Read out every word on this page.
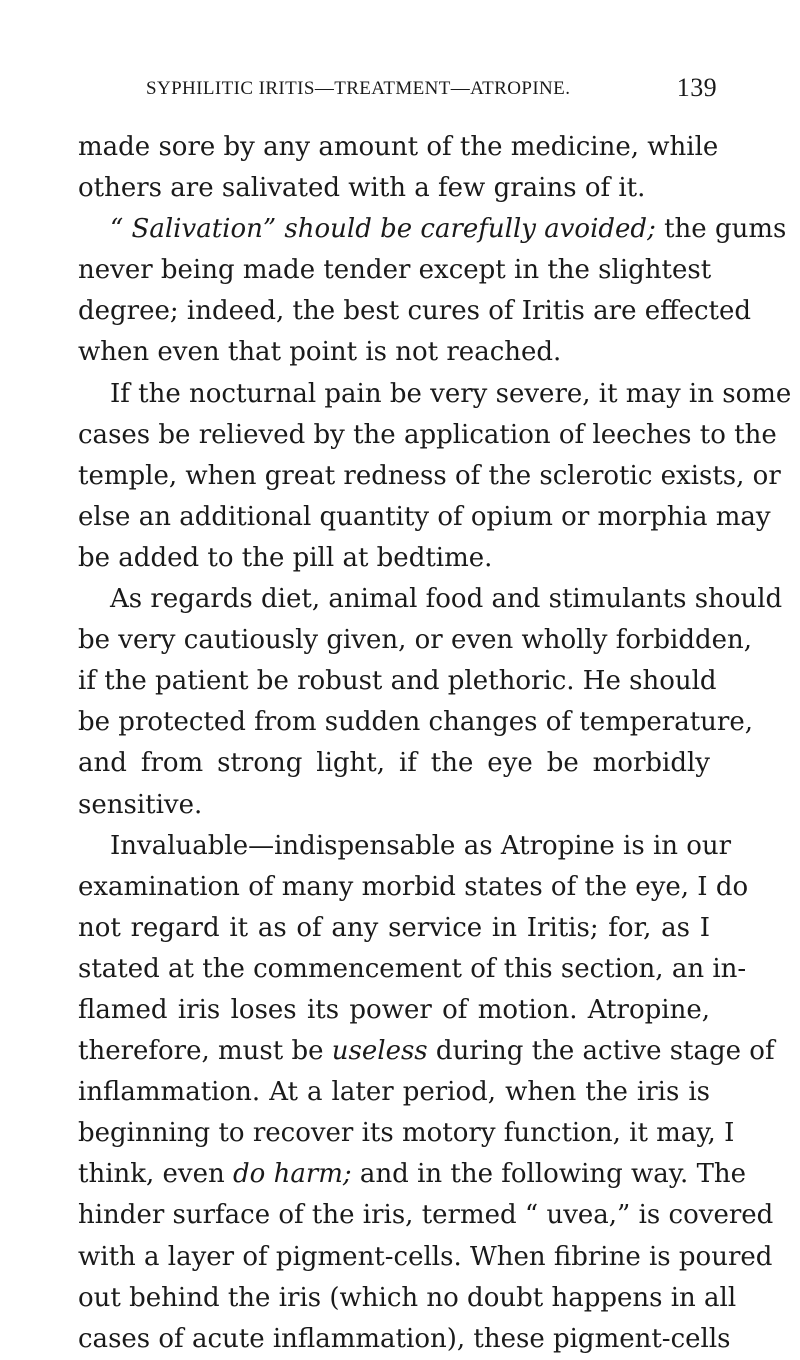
SYPHILITIC IRITIS—TREATMENT—ATROPINE.	139
made sore by any amount of the medicine, while
others are salivated with a few grains of it.
“ Salivation” should be carefully avoided; the gums
never being made tender except in the slightest
degree; indeed, the best cures of Iritis are effected
when even that point is not reached.
If the nocturnal pain be very severe, it may in some
cases be relieved by the application of leeches to the
temple, when great redness of the sclerotic exists, or
else an additional quantity of opium or morphia may
be added to the pill at bedtime.
As regards diet, animal food and stimulants should
be very cautiously given, or even wholly forbidden,
if the patient be robust and plethoric. He should
be protected from sudden changes of temperature,
and from strong light, if the eye be morbidly
sensitive.
Invaluable—indispensable as Atropine is in our
examination of many morbid states of the eye, I do
not regard it as of any service in Iritis; for, as I
stated at the commencement of this section, an in-
flamed iris loses its power of motion. Atropine,
therefore, must be useless during the active stage of
inflammation. At a later period, when the iris is
beginning to recover its motory function, it may, I
think, even do harm; and in the following way. The
hinder surface of the iris, termed “ uvea,” is covered
with a layer of pigment-cells. When fibrine is poured
out behind the iris (which no doubt happens in all
cases of acute inflammation), these pigment-cells
